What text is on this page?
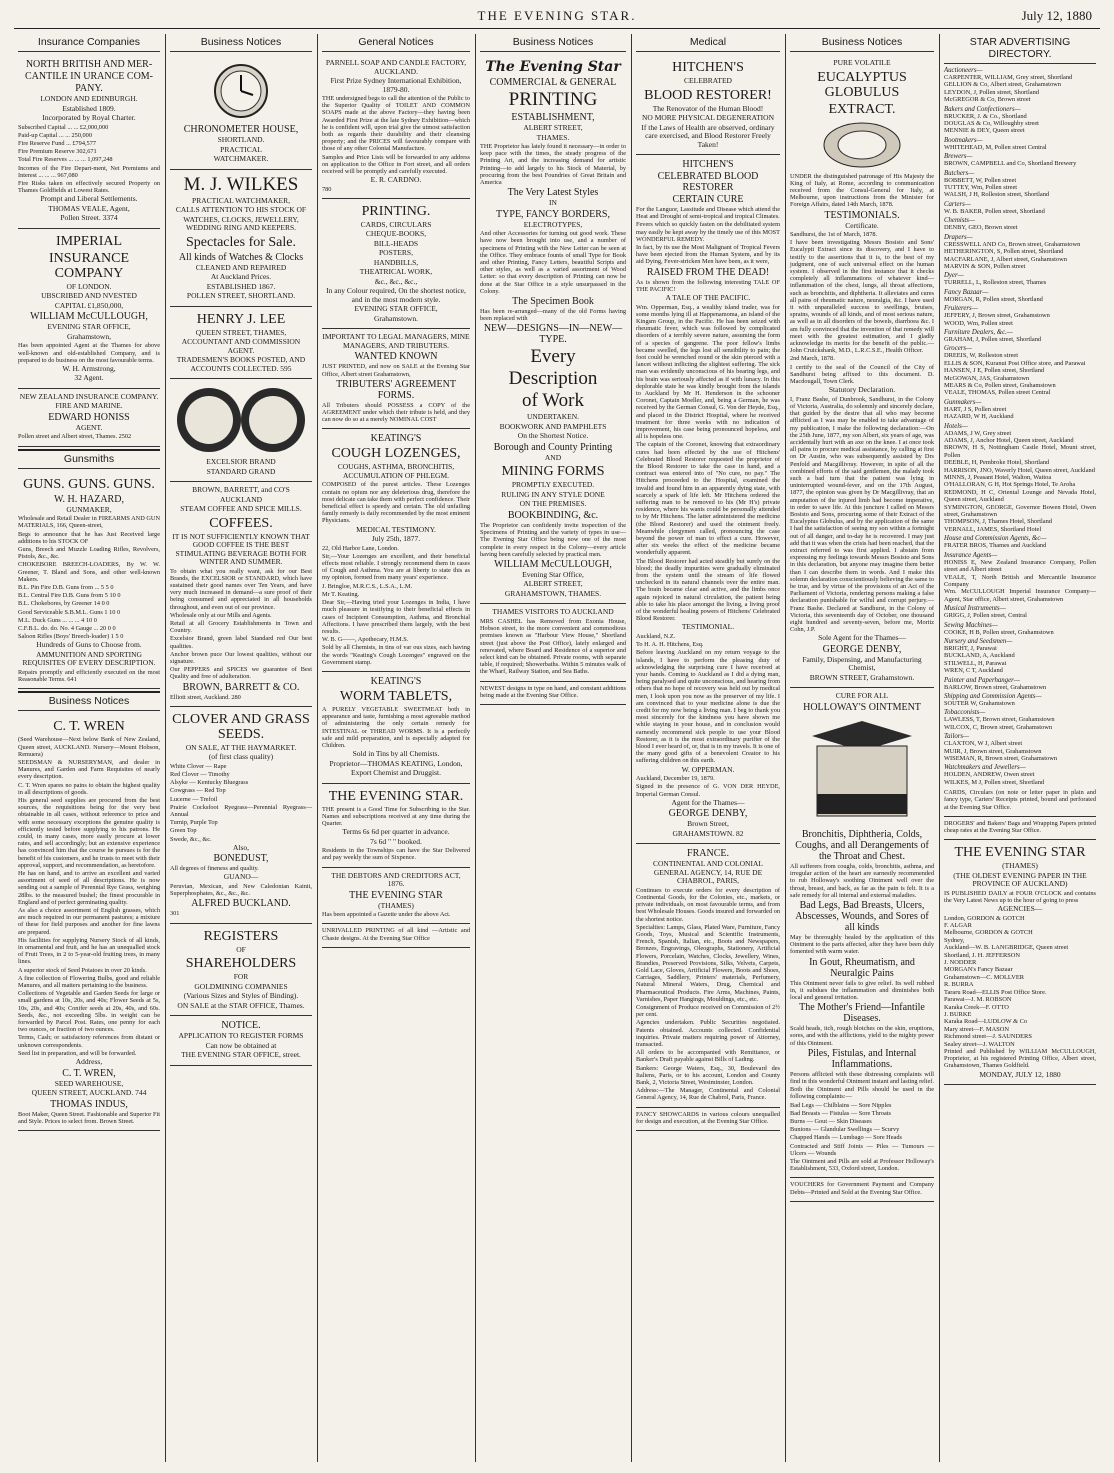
THE EVENING STAR.	July 12, 1880
Insurance Companies

NORTH BRITISH AND MER-

CANTILE IN URANCE COM-

PANY.

LONDON AND EDINBURGH.

Established 1809.

Incorporated by Royal Charter.

Subscribed Capital ... ... £2,000,000

Paid-up Capital ... ... 250,000

Fire Reserve Fund ... £794,577

Fire Premium Reserve 302,671

Total Fire Reserves ... ... ... 1,097,248

Incomes of the Fire Depart-ment, Net Premiums and Interest ... ... ... 967,080

Fire Risks taken on effectively secured Property on Thames Goldfields at Lowest Rates.

Prompt and Liberal Settlements.

THOMAS VEALE, Agent,

Pollen Street. 3374

IMPERIAL

INSURANCE COMPANY

OF LONDON.

UBSCRIBED AND NVESTED

CAPITAL £1,850,000,

WILLIAM McCULLOUGH,

EVENING STAR OFFICE,

Grahamstown,

Has been appointed Agent at the Thames for above well-known and old-established Company, and is prepared to do business on the most favourable terms.

W. H. Armstrong,

32 Agent.

NEW ZEALAND INSURANCE COMPANY.

FIRE AND MARINE.

EDWARD HONISS

AGENT.

Pollen street and Albert street, Thames. 2502

Gunsmiths

GUNS. GUNS. GUNS.

W. H. HAZARD,

GUNMAKER,

Wholesale and Retail Dealer in FIREARMS AND GUN MATERIALS, 166, Queen-street,

Begs to announce that he has Just Received large additions to his STOCK OF

Guns, Breech and Muzzle Loading Rifles, Revolvers, Pistols, &c., &c.

CHOKEBORE BREECH-LOADERS, By W. W. Greener, T. Bland and Sons, and other well-known Makers.

B.L. Pin Fire D.B. Guns from ... 5 5 0

B.L. Central Fire D.B. Guns from 5 10 0

B.L. Chokebores, by Greener 14 0 0

Good Serviceable S.B.M.L. Guns 1 10 0

M.L. Duck Guns ... ... ... 4 10 0

C.F.B.L. do. do. No. 4 Gauge ... 20 0 0

Saloon Rifles (Boys' Breech-loader) 1 5 0

Hundreds of Guns to Choose from.

AMMUNITION AND SPORTING REQUISITES OF EVERY DESCRIPTION.

Repairs promptly and efficiently executed on the most Reasonable Terms. 641

Business Notices

C. T. WREN

(Seed Warehouse—Next below Bank of New Zealand, Queen street, AUCKLAND. Nursery—Mount Hobson, Remuera)

SEEDSMAN & NURSERYMAN, and dealer in Manures, and Garden and Farm Requisites of nearly every description.

C. T. Wren spares no pains to obtain the highest quality in all descriptions of goods.

His general seed supplies are procured from the best sources, the requisitions being for the very best obtainable in all cases, without reference to price and with some necessary exceptions the genuine quality is efficiently tested before supplying to his patrons. He could, in many cases, more easily procure at lower rates, and sell accordingly; but an extensive experience has convinced him that the course he pursues is for the benefit of his customers, and he trusts to meet with their approval, support, and recommendation, as heretofore.

He has on hand, and to arrive an excellent and varied assortment of seed of all descriptions. He is now sending out a sample of Perennial Rye Grass, weighing 28lbs. to the measured bushel; the finest procurable in England and of perfect germinating quality.

As also a choice assortment of English grasses, which are much required in our permanent pastures; a mixture of these for field purposes and another for fine lawns are prepared.

His facilities for supplying Nursery Stock of all kinds, in ornamental and fruit, and he has an unequalled stock of Fruit Trees, in 2 to 5-year-old fruiting trees, in many lines.

A superior stock of Seed Potatoes in over 20 kinds.

A fine collection of Flowering Bulbs, good and reliable Manures, and all matters pertaining to the business.

Collections of Vegetable and Garden Seeds for large or small gardens at 10s, 20s, and 40s; Flower Seeds at 5s, 10s, 20s, and 40s; Conifer seeds at 20s, 40s, and 60s. Seeds, &c., not exceeding 5lbs. in weight can be forwarded by Parcel Post. Rates, one penny for each two ounces, or fraction of two ounces.

Terms, Cash; or satisfactory references from distant or unknown correspondents.

Seed list in preparation, and will be forwarded.

Address,

C. T. WREN,

SEED WAREHOUSE,

QUEEN STREET, AUCKLAND. 744

THOMAS INDUS,

Boot Maker, Queen Street. Fashionable and Superior Fit and Style. Prices to select from. Brown Street.

Business Notices

CHRONOMETER HOUSE,

SHORTLAND.

PRACTICAL

WATCHMAKER.

M. J. WILKES

PRACTICAL WATCHMAKER,

CALLS ATTENTION TO HIS STOCK OF

WATCHES, CLOCKS, JEWELLERY, WEDDING RING AND KEEPERS.

Spectacles for Sale.

All kinds of Watches & Clocks

CLEANED AND REPAIRED

At Auckland Prices.

ESTABLISHED 1867.

POLLEN STREET, SHORTLAND.

HENRY J. LEE

QUEEN STREET, THAMES,

ACCOUNTANT AND COMMISSION AGENT.

TRADESMEN'S BOOKS POSTED, AND ACCOUNTS COLLECTED. 595

EXCELSIOR BRAND

STANDARD GRAND

BROWN, BARRETT, and CO'S

AUCKLAND

STEAM COFFEE AND SPICE MILLS.

COFFEES.

IT IS NOT SUFFICIENTLY KNOWN THAT GOOD COFFEE IS THE BEST STIMULATING BEVERAGE BOTH FOR WINTER AND SUMMER.

To obtain what you really want, ask for our Best Brands, the EXCELSIOR or STANDARD, which have sustained their good names over Ten Years, and have very much increased in demand—a sure proof of their being consumed and appreciated in all households throughout, and even out of our province.

Wholesale only at our Mills and Agents.

Retail at all Grocery Establishments in Town and Country.

Excelsior Brand, green label Standard red Our best qualities.

Anchor brown puce Our lowest qualities, without our signature.

Our PEPPERS and SPICES we guarantee of Best Quality and free of adulteration.

BROWN, BARRETT & CO.

Elliott street, Auckland. 280

CLOVER AND GRASS SEEDS.

ON SALE, AT THE HAYMARKET.

(of first class quality)

White Clover — Rape

Red Clover — Timothy

Alsyke — Kentucky Bluegrass

Cowgrass — Red Top

Lucerne — Trefoil

Prairie Cocksfoot Ryegrass—Perennial Ryegrass—Annual

Turnip, Purple Top

Green Top

Swede, &c., &c.

Also,

BONEDUST,

All degrees of fineness and quality.

GUANO—

Peruvian, Mexican, and New Caledonian Kainit, Superphosphates, &c., &c., &c.

ALFRED BUCKLAND.

301

REGISTERS

OF

SHAREHOLDERS

FOR

GOLDMINING COMPANIES

(Various Sizes and Styles of Binding).

ON SALE at the STAR OFFICE, Thames.

NOTICE.

APPLICATION TO REGISTER FORMS

Can now be obtained at

THE EVENING STAR OFFICE, street.

General Notices

PARNELL SOAP AND CANDLE FACTORY, AUCKLAND.

First Prize Sydney International Exhibition, 1879-80.

THE undersigned begs to call the attention of the Public to the Superior Quality of TOILET AND COMMON SOAPS made at the above Factory—they having been Awarded First Prize at the late Sydney Exhibition—which he is confident will, upon trial give the utmost satisfaction both as regards their durability and their cleansing property; and the PRICES will favourably compare with those of any other Colonial Manufacture.

Samples and Price Lists will be forwarded to any address on application to the Office in Fort street, and all orders received will be promptly and carefully executed.

E. R. CARDNO.

780

PRINTING.

CARDS, CIRCULARS

CHEQUE-BOOKS,

BILL-HEADS

POSTERS,

HANDBILLS,

THEATRICAL WORK,

&c., &c., &c.,

In any Colour required, On the shortest notice, and in the most modern style.

EVENING STAR OFFICE,

Grahamstown.

IMPORTANT TO LEGAL MANAGERS, MINE MANAGERS, AND TRIBUTERS.

WANTED KNOWN

JUST PRINTED, and now on SALE at the Evening Star Office, Albert street Grahamstown,

TRIBUTERS' AGREEMENT FORMS.

All Tributers should POSSESS a COPY of the AGREEMENT under which their tribute is held, and they can now do so at a merely NOMINAL COST

KEATING'S

COUGH LOZENGES,

COUGHS, ASTHMA, BRONCHITIS, ACCUMULATION OF PHLEGM.

COMPOSED of the purest articles. These Lozenges contain no opium nor any deleterious drug, therefore the most delicate can take them with perfect confidence. Their beneficial effect is speedy and certain. The old unfailing family remedy is daily recommended by the most eminent Physicians.

MEDICAL TESTIMONY.

July 25th, 1877.

22, Old Harbor Lane, London.

Sir,—Your Lozenges are excellent, and their beneficial effects most reliable. I strongly recommend them in cases of Cough and Asthma. You are at liberty to state this as my opinion, formed from many years' experience.

J. Bringloe, M.R.C.S., L.S.A., L.M.

Mr T. Keating.

Dear Sir,—Having tried your Lozenges in India, I have much pleasure in testifying to their beneficial effects in cases of Incipient Consumption, Asthma, and Bronchial Affections. I have prescribed them largely, with the best results.

W. B. G——, Apothecary, H.M.S.

Sold by all Chemists, in tins of var ous sizes, each having the words "Keating's Cough Lozenges" engraved on the Government stamp.

KEATING'S

WORM TABLETS,

A PURELY VEGETABLE SWEETMEAT both in appearance and taste, furnishing a most agreeable method of administering the only certain remedy for INTESTINAL or THREAD WORMS. It is a perfectly safe and mild preparation, and is especially adapted for Children.

Sold in Tins by all Chemists.

Proprietor—THOMAS KEATING, London,

Export Chemist and Druggist.

THE EVENING STAR.

THE present is a Good Time for Subscribing to the Star. Names and subscriptions received at any time during the Quarter.

Terms 6s 6d per quarter in advance.

7s 6d " " booked.

Residents in the Townships can have the Star Delivered and pay weekly the sum of Sixpence.

THE DEBTORS AND CREDITORS ACT, 1876.

THE EVENING STAR

(THAMES)

Has been appointed a Gazette under the above Act.

UNRIVALLED PRINTING of all kind —Artistic and Chaste designs. At the Evening Star Office

Business Notices

The Evening Star

COMMERCIAL & GENERAL

PRINTING

ESTABLISHMENT,

ALBERT STREET,

THAMES.

THE Proprietor has lately found it necessary—in order to keep pace with the times, the steady progress of the Printing Art, and the increasing demand for artistic Printing—to add largely to his Stock of Material, by procuring from the best Foundries of Great Britain and America

The Very Latest Styles

IN

TYPE, FANCY BORDERS,

ELECTROTYPES,

And other Accessories for turning out good work. These have now been brought into use, and a number of specimens of Printing with the New Letter can be seen at the Office. They embrace founts of small Type for Book and other Printing, Fancy Letters, beautiful Scripts and other styles, as well as a varied assortment of Wood Letter: so that every description of Printing can now be done at the Star Office in a style unsurpassed in the Colony.

The Specimen Book

Has been re-arranged—many of the old Forms having been replaced with

NEW—DESIGNS—IN—NEW—TYPE.

Every

Description

of Work

UNDERTAKEN.

BOOKWORK AND PAMPHLETS

On the Shortest Notice.

Borough and County Printing

AND

MINING FORMS

PROMPTLY EXECUTED.

RULING IN ANY STYLE DONE

ON THE PREMISES.

BOOKBINDING, &c.

The Proprietor can confidently invite inspection of the Specimens of Printing and the variety of types in use—The Evening Star Office being now one of the most complete in every respect in the Colony—every article having been carefully selected by practical men.

WILLIAM McCULLOUGH,

Evening Star Office,

ALBERT STREET,

GRAHAMSTOWN, THAMES.

THAMES VISITORS TO AUCKLAND

MRS CASHEL has Removed from Exonia House, Hobson street, to the more convenient and commodious premises known as "Harbour View House," Shortland street (just above the Post Office), lately enlarged and renovated, where Board and Residence of a superior and select kind can be obtained. Private rooms, with separate table, if required; Showerbaths. Within 5 minutes walk of the Wharf, Railway Station, and Sea Baths.

NEWEST designs in type on hand, and constant additions being made at the Evening Star Office.

Medical

HITCHEN'S

CELEBRATED

BLOOD RESTORER!

The Renovator of the Human Blood!

NO MORE PHYSICAL DEGENERATION

If the Laws of Health are observed, ordinary care exercised, and Blood Restorer Freely Taken!

HITCHEN'S

CELEBRATED BLOOD RESTORER

CERTAIN CURE

For the Languor, Lassitude and Disease which attend the Heat and Drought of semi-tropical and tropical Climates.

Fevers which so quickly fasten on the debilitated system may easily be kept away by the timely use of this MOST WONDERFUL REMEDY.

In fact, by its use the Most Malignant of Tropical Fevers have been ejected from the Human System, and by its aid Dying, Fever-stricken Men have been, as it were,

RAISED FROM THE DEAD!

As is shown from the following interesting TALE OF THE PACIFIC!

A TALE OF THE PACIFIC.

Wm. Opperman, Esq., a wealthy island trader, was for some months lying ill at Happenamoma, an island of the Kingsm Group, in the Pacific. He has been seized with rheumatic fever, which was followed by complicated disorders of a terribly severe nature, assuming the form of a species of gangrene. The poor fellow's limbs became swelled, the legs lost all sensibility to pain; the foot could be wrenched round or the skin pierced with a lancet without inflicting the slightest suffering. The sick man was evidently unconscious of his bearing legs, and his brain was seriously affected as if with lunacy. In this deplorable state he was kindly brought from the islands to Auckland by Mr H. Henderson in the schooner Coronet, Captain Moeller, and, being a German, he was received by the German Consul, G. Von der Heyde, Esq., and placed in the District Hospital, where he received treatment for three weeks with no indication of improvement, his case being pronounced hopeless, and all is hopeless one.

The captain of the Coronet, knowing that extraordinary cures had been effected by the use of Hitchens' Celebrated Blood Restorer requested the proprietor of the Blood Restorer to take the case in hand, and a contract was entered into of "No cure, no pay." The Hitchens proceeded to the Hospital, examined the invalid and found him in an apparently dying state, with scarcely a spark of life left. Mr Hitchens ordered the suffering man to be removed to his (Mr H's) private residence, where his wants could be personally attended to by Mr Hitchens. The latter administered the medicine (the Blood Restorer) and used the ointment freely. Meanwhile clergymen called, pronouncing the case beyond the power of man to effect a cure. However, after six weeks the effect of the medicine became wonderfully apparent.

The Blood Restorer had acted steadily but surely on the blood; the deadly impurities were gradually eliminated from the system until the stream of life flowed unchecked in its natural channels over the entire man. The brain became clear and active, and the limbs once again rejoiced in natural circulation, the patient being able to take his place amongst the living, a living proof of the wonderful healing powers of Hitchens' Celebrated Blood Restorer.

TESTIMONIAL.

Auckland, N.Z.

To H. A. H. Hitchens, Esq.

Before leaving Auckland on my return voyage to the islands, I have to perform the pleasing duty of acknowledging the surprising cure I have received at your hands. Coming to Auckland as I did a dying man, being paralysed and quite unconscious, and hearing from others that no hope of recovery was held out by medical men, I look upon you now as the preserver of my life. I am convinced that to your medicine alone is due the credit for my now being a living man. I beg to thank you most sincerely for the kindness you have shown me while staying in your house, and in conclusion would earnestly recommend sick people to use your Blood Restorer, as it is the most extraordinary purifier of the blood I ever heard of, or, that is in my travels. It is one of the many good gifts of a benevolent Creator to his suffering children on this earth.

W. OPPERMAN.

Auckland, December 19, 1879.

Signed in the presence of G. VON DER HEYDE, Imperial German Consul.

Agent for the Thames—

GEORGE DENBY,

Brown Street,

GRAHAMSTOWN. 82

FRANCE.

CONTINENTAL AND COLONIAL GENERAL AGENCY, 14, RUE DE CHABROL, PARIS,

Continues to execute orders for every description of Continental Goods, for the Colonies, etc., markets, or private individuals, on most favourable terms, and from best Wholesale Houses. Goods insured and forwarded on the shortest notice.

Specialties: Lamps, Glass, Plated Ware, Furniture, Fancy Goods, Toys, Musical and Scientific Instruments, French, Spanish, Italian, etc., Boots and Newspapers, Bronzes, Engravings, Oleographs, Stationery, Artificial Flowers, Porcelain, Watches, Clocks, Jewellery, Wines, Brandies, Preserved Provisions, Silks, Velvets, Carpets, Gold Lace, Gloves, Artificial Flowers, Boots and Shoes, Carriages, Saddlery, Printers' materials, Perfumery, Natural Mineral Waters, Drug, Chemical and Pharmaceutical Products. Fire Arms, Machines, Paints, Varnishes, Paper Hangings, Mouldings, etc., etc.

Consignment of Produce received on Commission of 2½ per cent.

Agencies undertaken. Public Securities negotiated. Patents obtained. Accounts collected. Confidential inquiries. Private matters requiring power of Attorney, transacted.

All orders to be accompanied with Remittance, or Banker's Draft payable against Bills of Lading.

Bankers: George Waters, Esq., 30, Boulevard des Italiens, Paris, or to his account, London and County Bank, 2, Victoria Street, Westminster, London.

Address:—The Manager, Continental and Colonial General Agency, 14, Rue de Chabrol, Paris, France.

FANCY SHOWCARDS in various colours unequalled for design and execution, at the Evening Star Office.

Business Notices

PURE VOLATILE

EUCALYPTUS GLOBULUS

EXTRACT.

UNDER the distinguished patronage of His Majesty the King of Italy, at Rome, according to communication received from the Consul-General for Italy, at Melbourne, upon instructions from the Minister for Foreign Affairs, dated 14th March, 1878.

TESTIMONIALS.

Certificate.

Sandhurst, the 1st of March, 1878.

I have been investigating Messrs Bosisto and Sons' Eucalypti Extract since its discovery, and I have to testify to the assertions that it is, to the best of my judgment, one of such universal effect on the human system. I observed in the first instance that it checks completely all inflammations of whatever kind—inflammation of the chest, lungs, all throat affections, such as bronchitis, and diphtheria. It alleviates and cures all pains of rheumatic nature, neuralgia, &c. I have used it with unparalleled success to swellings, bruises, sprains, wounds of all kinds, and of most serious nature, as well as in all disorders of the bowels, diarrhoea &c. I am fully convinced that the invention of that remedy will meet with the greatest estimation, and I gladly acknowledge its merits for the benefit of the public.—John Cruickshank, M.D., L.R.C.S.E., Health Officer.

2nd March, 1878.

I certify to the seal of the Council of the City of Sandhurst being affixed to this document. D. Macdougall, Town Clerk.

Statutory Declaration.

I, Franz Bashe, of Dunbrook, Sandhurst, in the Colony of Victoria, Australia, do solemnly and sincerely declare, that guided by the desire that all who may become afflicted as I was may be enabled to take advantage of my publication, I make the following declaration:—On the 25th June, 1877, my son Albert, six years of age, was accidentally hurt with an axe on the knee. I at once took all pains to procure medical assistance, by calling at first on Dr Austin, who was subsequently assisted by Drs Penfold and Macgillivray. However, in spite of all the combined efforts of the said gentlemen, the malady took such a bad turn that the patient was lying in uninterrupted wound-fever, and on the 17th August, 1877, the opinion was given by Dr Macgillivray, that an amputation of the injured limb had become imperative, in order to save life. At this juncture I called on Messrs Bosisto and Sons, procuring some of their Extract of the Eucalyptus Globulus, and by the application of the same I had the satisfaction of seeing my son within a fortnight out of all danger, and to-day he is recovered. I may just add that it was when the crisis had been reached, that the extract referred to was first applied. I abstain from expressing my feelings towards Messrs Bosisto and Sons in this declaration, but anyone may imagine them better than I can describe them in words. And I make this solemn declaration conscientiously believing the same to be true, and by virtue of the provisions of an Act of the Parliament of Victoria, rendering persons making a false declaration punishable for wilful and corrupt perjury.—Franz Bashe. Declared at Sandhurst, in the Colony of Victoria, this seventeenth day of October, one thousand eight hundred and seventy-seven, before me, Moritz Cohn, J.P.

Sole Agent for the Thames—

GEORGE DENBY,

Family, Dispensing, and Manufacturing Chemist,

BROWN STREET, Grahamstown.

CURE FOR ALL

HOLLOWAY'S OINTMENT

Bronchitis, Diphtheria, Colds, Coughs, and all Derangements of the Throat and Chest.

All sufferers from coughs, colds, bronchitis, asthma, and irregular action of the heart are earnestly recommended to rub Holloway's soothing Ointment well over the throat, breast, and back, as far as the pain is felt. It is a safe remedy for all internal and external maladies.

Bad Legs, Bad Breasts, Ulcers, Abscesses, Wounds, and Sores of all kinds

May be thoroughly healed by the application of this Ointment to the parts affected, after they have been duly fomented with warm water.

In Gout, Rheumatism, and Neuralgic Pains

This Ointment never fails to give relief. Its well rubbed in, it subdues the inflammation and diminishes both local and general irritation.

The Mother's Friend—Infantile Diseases.

Scald heads, itch, rough blotches on the skin, eruptions, sores, and with the afflictions, yield to the mighty power of this Ointment.

Piles, Fistulas, and Internal Inflammations.

Persons afflicted with these distressing complaints will find in this wonderful Ointment instant and lasting relief.

Both the Ointment and Pills should be used in the following complaints:—

Bad Legs — Chilblains — Sore Nipples

Bad Breasts — Fistulas — Sore Throats

Burns — Gout — Skin Diseases

Bunions — Glandular Swellings — Scurvy

Chapped Hands — Lumbago — Sore Heads

Contracted and Stiff Joints — Piles — Tumours — Ulcers — Wounds

The Ointment and Pills are sold at Professor Holloway's Establishment, 533, Oxford street, London.

VOUCHERS for Government Payment and Company Debts—Printed and Sold at the Evening Star Office.

STAR ADVERTISING DIRECTORY.
Auctioneers—

CARPENTER, WILLIAM, Grey street, Shortland

GELLION & Co, Albert street, Grahamstown

LEYDON, J, Pollen street, Shortland

McGREGOR & Co, Brown street

Bakers and Confectioners—

BRUCKER, J. & Co., Shortland

DOUGLAS & Co, Willoughby street

MENNIE & DEY, Queen street

Bootmakers—

WHITEHEAD, M, Pollen street Central

Brewers—

BROWN, CAMPBELL and Co, Shortland Brewery

Butchers—

BOBBETT, W, Pollen street

TUTTEY, Wm, Pollen street

WALSH, J H, Rolleston street, Shortland

Carters—

W. B. BAKER, Pollen street, Shortland

Chemists—

DENBY, GEO, Brown street

Drapers—

CRESSWELL AND Co, Brown street, Grahamstown

HETHERINGTON, S, Pollen street, Shortland

MACFARLANE, J, Albert street, Grahamstown

MARVIN & SON, Pollen street

Dyer—

TURRELL, L, Rolleston street, Thames

Fancy Bazaar—

MORGAN, R, Pollen street, Shortland

Fruiterers—

JEFFERY, J, Brown street, Grahamstown

WOOD, Wm, Pollen street

Furniture Dealers, &c.—

GRAHAM, J, Pollen street, Shortland

Grocers—

DREEIS, W, Rolleston street

ELLIS & SON, Kuranui Post Office store, and Parawai

HANSEN, J E, Pollen street, Shortland

McGOWAN, JAS, Grahamstown

MEARS & Co, Pollen street, Grahamstown

VEALE, THOMAS, Pollen street Central

Gunmakers—

HART, J S, Pollen street

HAZARD, W H, Auckland

Hotels—

ADAMS, J W, Grey street

ADAMS, J, Anchor Hotel, Queen street, Auckland

BROWN, H S, Nottingham Castle Hotel, Mount street, Pollen

DEEBLE, H, Pembroke Hotel, Shortland

HARRISON, JNO, Waverly Hotel, Queen street, Auckland

MINNS, J, Peasant Hotel, Walton, Waitoa

O'HALLORAN, G H, Hot Springs Hotel, Te Aroha

REDMOND, H C, Oriental Lounge and Nevada Hotel, Queen street, Auckland

SYMINGTON, GEORGE, Governor Bowen Hotel, Owen street, Grahamstown

THOMPSON, J, Thames Hotel, Shortland

VERNALL, JAMES, Shortland Hotel

House and Commission Agents, &c—

FRATER BROS, Thames and Auckland

Insurance Agents—

HONISS E, New Zealand Insurance Company, Pollen street and Albert street

VEALE, T, North British and Mercantile Insurance Company

Wm. McCULLOUGH Imperial Insurance Company—Agent, Star office, Albert street, Grahamstown

Musical Instruments—

GRIGG, J, Pollen street, Central

Sewing Machines—

COOKE, H B, Pollen street, Grahamstown

Nursery and Seedsmen—

BRIGHT, J, Parawai

BUCKLAND, A, Auckland

STILWELL, H, Parawai

WREN, C T, Auckland

Painter and Paperhanger—

BARLOW, Brown street, Grahamstown

Shipping and Commission Agents—

SOUTER W, Grahamstown

Tobacconists—

LAWLESS, T, Brown street, Grahamstown

WILCOX, C, Brown street, Grahamstown

Tailors—

CLAXTON, W J, Albert street

MUIR, J, Brown street, Grahamstown

WISEMAN, R, Brown street, Grahamstown

Watchmakers and Jewellers—

HOLDEN, ANDREW, Owen street

WILKES, M J, Pollen street, Shortland

CARDS, Circulars (on note or letter paper in plain and fancy type, Carters' Receipts printed, bound and perforated at the Evening Star Office.

DROGERS' and Bakers' Bags and Wrapping Papers printed cheap rates at the Evening Star Office.

THE EVENING STAR

(THAMES)

(THE OLDEST EVENING PAPER IN THE PROVINCE OF AUCKLAND)

IS PUBLISHED DAILY at FOUR O'CLOCK and contains the Very Latest News up to the hour of going to press

AGENCIES—

London, GORDON & GOTCH

F. ALGAR

Melbourne, GORDON & GOTCH

Sydney,

Auckland—W. B. LANGBRIDGE, Queen street

Shortland, J. H. JEFFERSON

J. NODDER

MORGAN's Fancy Bazaar

Grahamstown—C. MOLLVER

R. BURRA

Tararu Road—ELLIS Post Office Store.

Parawai—J. M. ROBSON

Karaka Creek—F. OTTO

J. BURKE

Karaka Road—LUDLOW & Co

Mary street—F. MASON

Richmond street—J. SAUNDERS

Sealey street—J. WALTON

Printed and Published by WILLIAM McCULLOUGH, Proprietor, at his registered Printing Office, Albert street, Grahamstown, Thames Goldfield.

MONDAY, JULY 12, 1880
